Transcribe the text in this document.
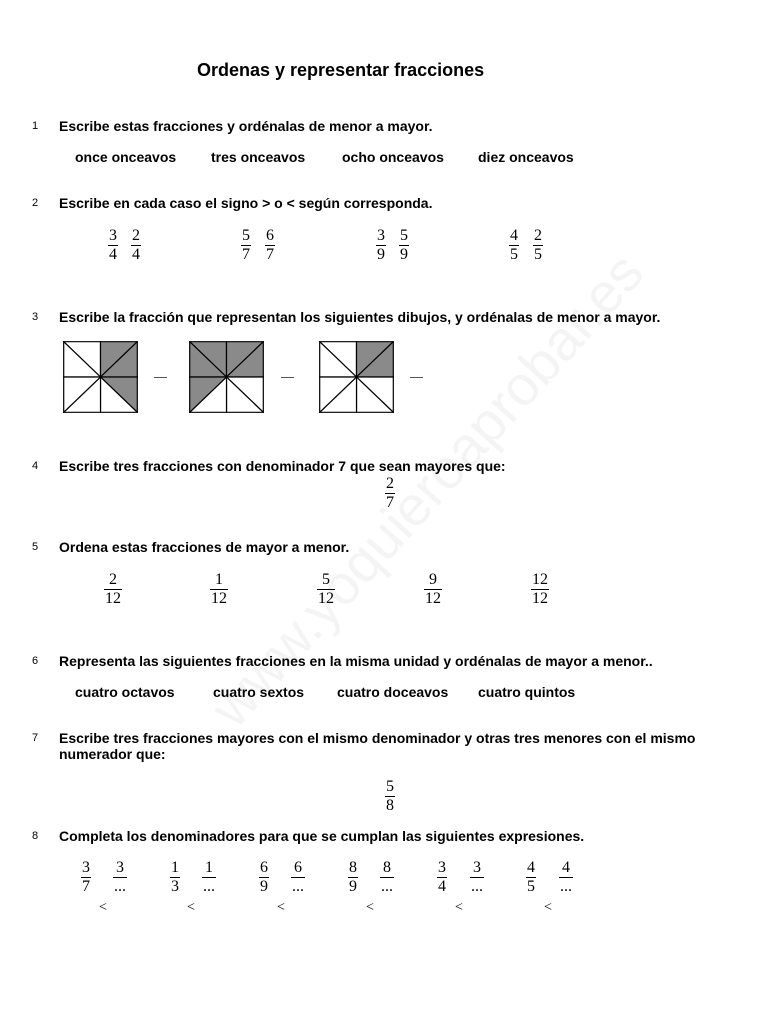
Ordenas y representar fracciones
1 Escribe estas fracciones y ordénalas de menor a mayor.
once onceavos tres onceavos	ocho onceavos diez onceavos
2 Escribe en cada caso el signo > o < según corresponda.
3
4
2
4
5
7
6
7
3
9
5
9
4
5
2
5
3 Escribe la fracción que representan los siguientes dibujos, y ordénalas de menor a mayor.
4 Escribe tres fracciones con denominador 7 que sean mayores que:
2
7
5 Ordena estas fracciones de mayor a menor.
2
12
1
12
5
12
9
12
12
12
6 Representa las siguientes fracciones en la misma unidad y ordénalas de mayor a menor..
cuatro octavos	cuatro sextos cuatro doceavos cuatro quintos
7 Escribe tres fracciones mayores con el mismo denominador y otras tres menores con el mismo
numerador que:
5
8
8 Completa los denominadores para que se cumplan las siguientes expresiones.
3
7
3
...
<
1
3
1
...
<
6
9
6
...
<
8
9
8
...
<
3
4
3
...
<
4
5
4
...
<
